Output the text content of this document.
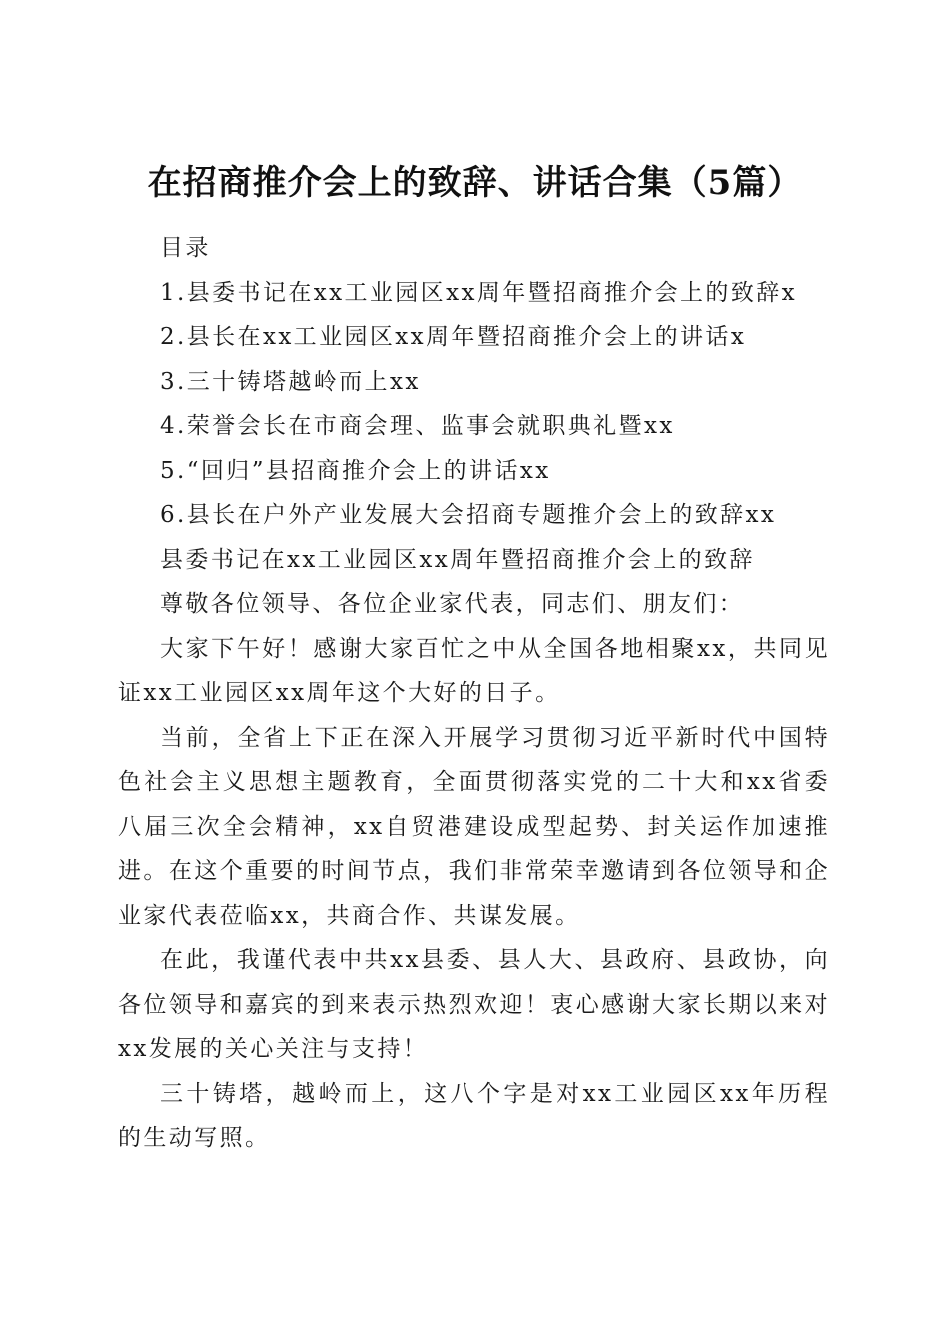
在招商推介会上的致辞、讲话合集（5篇）

目录

1.县委书记在xx工业园区xx周年暨招商推介会上的致辞x

2.县长在xx工业园区xx周年暨招商推介会上的讲话x

3.三十铸塔越岭而上xx

4.荣誉会长在市商会理、监事会就职典礼暨xx

5.“回归”县招商推介会上的讲话xx

6.县长在户外产业发展大会招商专题推介会上的致辞xx

县委书记在xx工业园区xx周年暨招商推介会上的致辞

尊敬各位领导、各位企业家代表，同志们、朋友们：

大家下午好！感谢大家百忙之中从全国各地相聚xx，共同见证xx工业园区xx周年这个大好的日子。

当前，全省上下正在深入开展学习贯彻习近平新时代中国特色社会主义思想主题教育，全面贯彻落实党的二十大和xx省委八届三次全会精神，xx自贸港建设成型起势、封关运作加速推进。在这个重要的时间节点，我们非常荣幸邀请到各位领导和企业家代表莅临xx，共商合作、共谋发展。

在此，我谨代表中共xx县委、县人大、县政府、县政协，向各位领导和嘉宾的到来表示热烈欢迎！衷心感谢大家长期以来对xx发展的关心关注与支持！

三十铸塔，越岭而上，这八个字是对xx工业园区xx年历程的生动写照。
